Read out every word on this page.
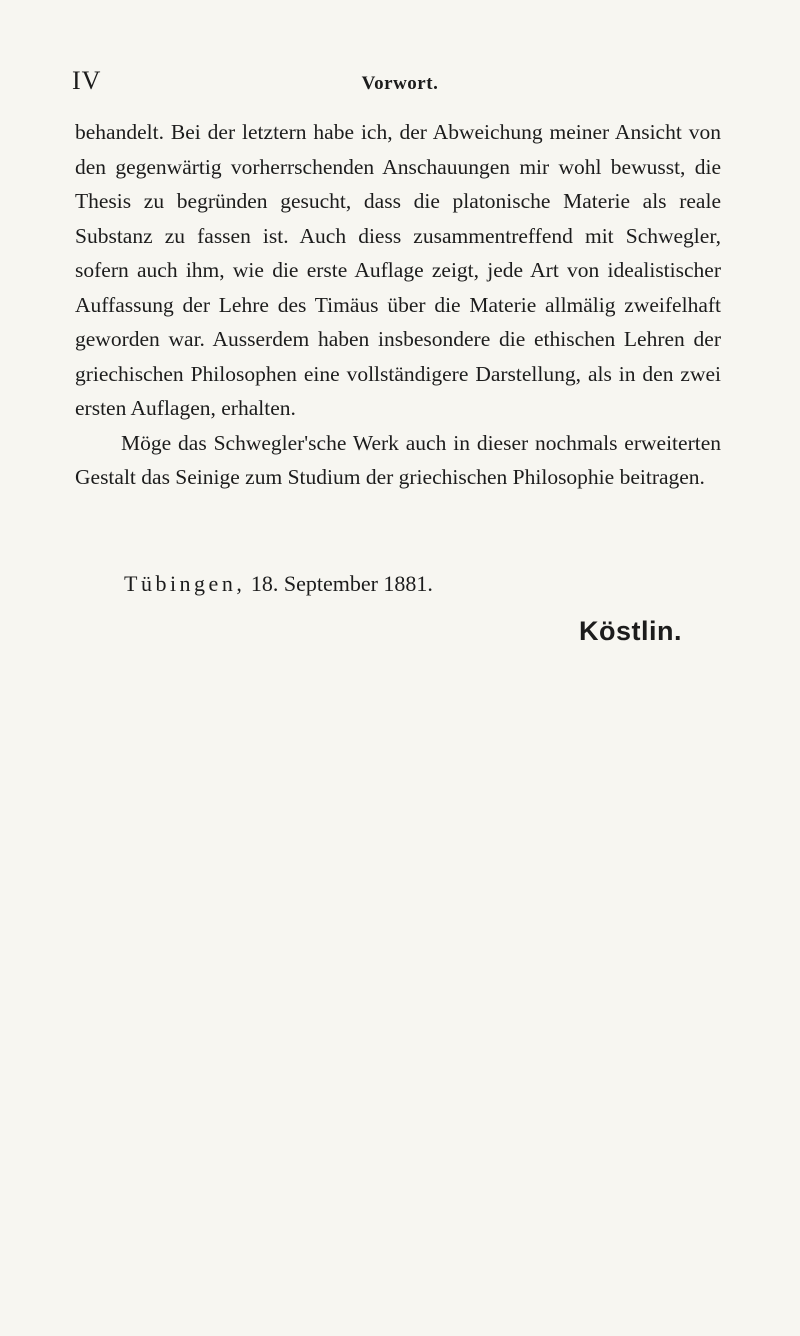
IV	Vorwort.

behandelt. Bei der letztern habe ich, der Abweichung meiner Ansicht von den gegenwärtig vorherrschenden Anschauungen mir wohl bewusst, die Thesis zu begründen gesucht, dass die platonische Materie als reale Substanz zu fassen ist. Auch diess zusammentreffend mit Schwegler, sofern auch ihm, wie die erste Auflage zeigt, jede Art von idealistischer Auffassung der Lehre des Timäus über die Materie allmälig zweifelhaft geworden war. Ausserdem haben insbesondere die ethischen Lehren der griechischen Philosophen eine vollständigere Darstellung, als in den zwei ersten Auflagen, erhalten.

Möge das Schwegler'sche Werk auch in dieser nochmals erweiterten Gestalt das Seinige zum Studium der griechischen Philosophie beitragen.

Tübingen, 18. September 1881.
Köstlin.
